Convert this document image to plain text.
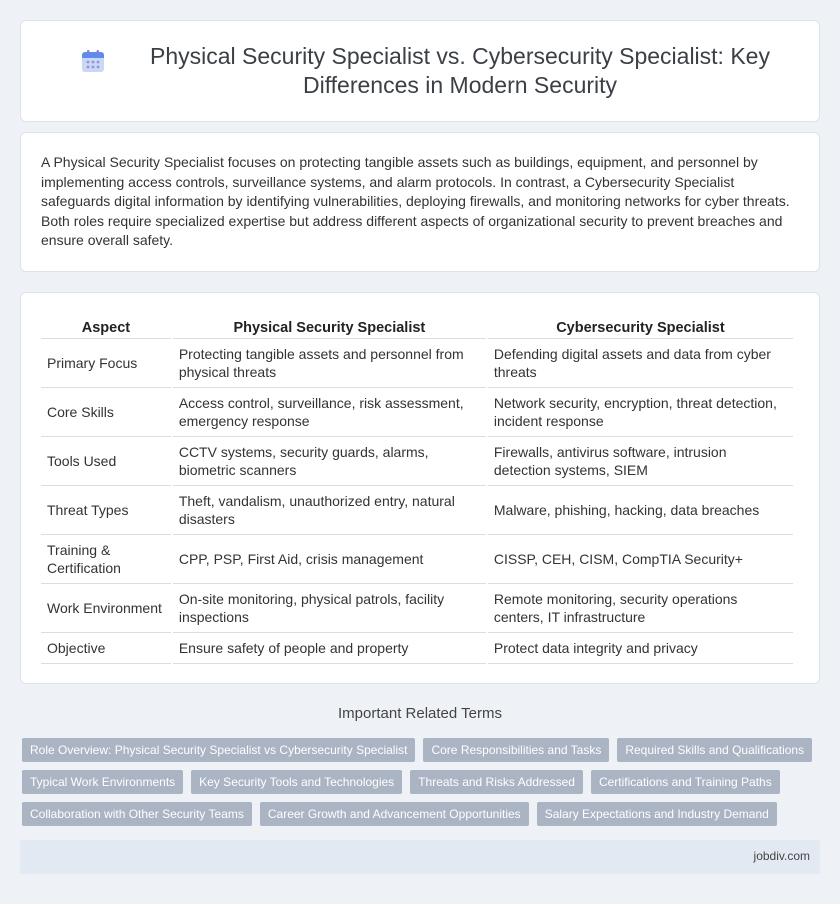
Physical Security Specialist vs. Cybersecurity Specialist: Key Differences in Modern Security

A Physical Security Specialist focuses on protecting tangible assets such as buildings, equipment, and personnel by implementing access controls, surveillance systems, and alarm protocols. In contrast, a Cybersecurity Specialist safeguards digital information by identifying vulnerabilities, deploying firewalls, and monitoring networks for cyber threats. Both roles require specialized expertise but address different aspects of organizational security to prevent breaches and ensure overall safety.

Aspect	Physical Security Specialist	Cybersecurity Specialist
Primary Focus	Protecting tangible assets and personnel from physical threats	Defending digital assets and data from cyber threats
Core Skills	Access control, surveillance, risk assessment, emergency response	Network security, encryption, threat detection, incident response
Tools Used	CCTV systems, security guards, alarms, biometric scanners	Firewalls, antivirus software, intrusion detection systems, SIEM
Threat Types	Theft, vandalism, unauthorized entry, natural disasters	Malware, phishing, hacking, data breaches
Training & Certification	CPP, PSP, First Aid, crisis management	CISSP, CEH, CISM, CompTIA Security+
Work Environment	On-site monitoring, physical patrols, facility inspections	Remote monitoring, security operations centers, IT infrastructure
Objective	Ensure safety of people and property	Protect data integrity and privacy
Important Related Terms
Role Overview: Physical Security Specialist vs Cybersecurity Specialist	Core Responsibilities and Tasks	Required Skills and Qualifications
Typical Work Environments	Key Security Tools and Technologies	Threats and Risks Addressed	Certifications and Training Paths
Collaboration with Other Security Teams	Career Growth and Advancement Opportunities	Salary Expectations and Industry Demand
jobdiv.com
